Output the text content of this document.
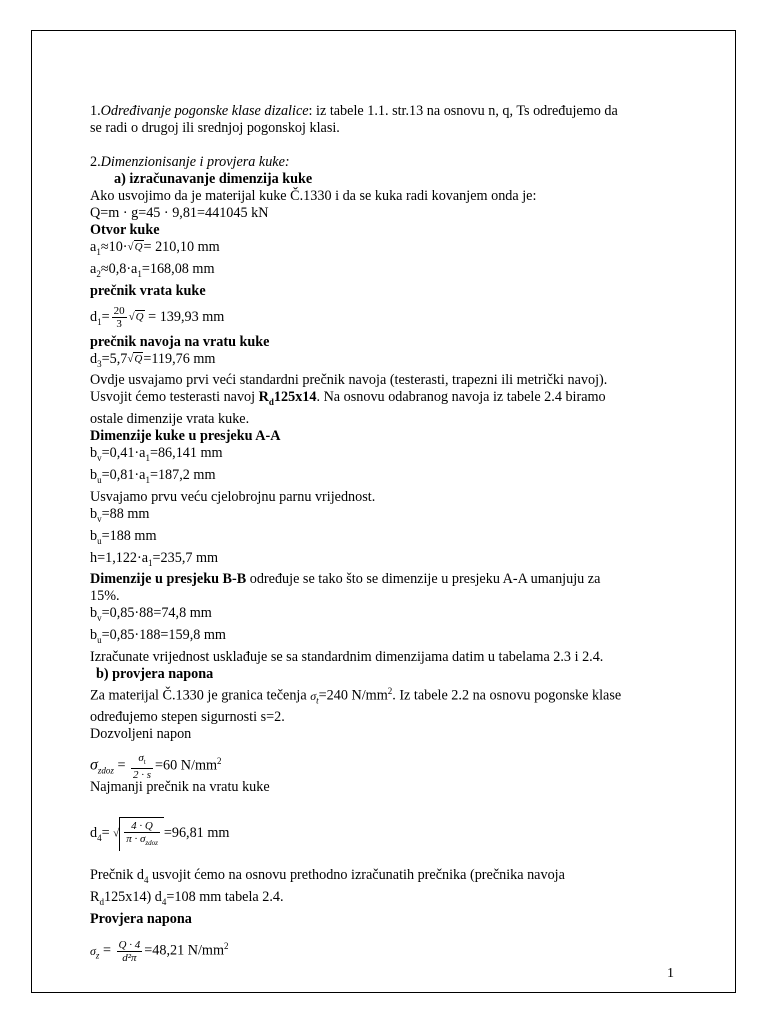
1.Određivanje pogonske klase dizalice: iz tabele 1.1. str.13 na osnovu n, q, Ts određujemo da
se radi o drugoj ili srednjoj pogonskoj klasi.
2.Dimenzionisanje i provjera kuke:
a) izračunavanje dimenzija kuke
Ako usvojimo da je materijal kuke Č.1330 i da se kuka radi kovanjem onda je:
Q=m · g=45 · 9,81=441045 kN
Otvor kuke
$a_1\approx 10\cdot√Q= 210,10$ mm
$a_2\approx 0,8\cdot a_1=168,08$ mm
prečnik vrata kuke
$d_1= \frac{20}{3} √Q = 139,93$ mm
prečnik navoja na vratu kuke
$d_3=5,7√Q=119,76$ mm
Ovdje usvajamo prvi veći standardni prečnik navoja (testerasti, trapezni ili metrički navoj).
Usvojit ćemo testerasti navoj $R_d125x14$. Na osnovu odabranog navoja iz tabele 2.4 biramo
ostale dimenzije vrata kuke.
Dimenzije kuke u presjeku A-A
$b_v=0,41\cdot a_1=86,141$ mm
$b_u=0,81\cdot a_1=187,2$ mm
Usvajamo prvu veću cjelobrojnu parnu vrijednost.
$b_v=88$ mm
$b_u=188$ mm
$h=1,122\cdot a_1=235,7$ mm
Dimenzije u presjeku B-B određuje se tako što se dimenzije u presjeku A-A umanjuju za
15%.
$b_v=0,85\cdot 88=74,8$ mm
$b_u=0,85\cdot 188=159,8$ mm
Izračunate vrijednost usklađuje se sa standardnim dimenzijama datim u tabelama 2.3 i 2.4.
b) provjera napona
Za materijal Č.1330 je granica tečenja $\sigma_t=240$ $N/mm^2$. Iz tabele 2.2 na osnovu pogonske klase
određujemo stepen sigurnosti s=2.
Dozvoljeni napon
$\sigma_{zdoz} = \frac{\sigma_t}{2 \cdot s} =60$ $N/mm^2$
Najmanji prečnik na vratu kuke
$d_4=$ √ $\frac{4 \cdot Q}{\pi \cdot \sigma_{zdoz}} =96,81$ mm
Prečnik $d_4$ usvojit ćemo na osnovu prethodno izračunatih prečnika (prečnika navoja
$R_d125x14$) $d_4=108$ mm tabela 2.4.
Provjera napona
$\sigma_z = \frac{Q \cdot 4}{\text{d²π}} =48,21$ $N/mm^2$
1
